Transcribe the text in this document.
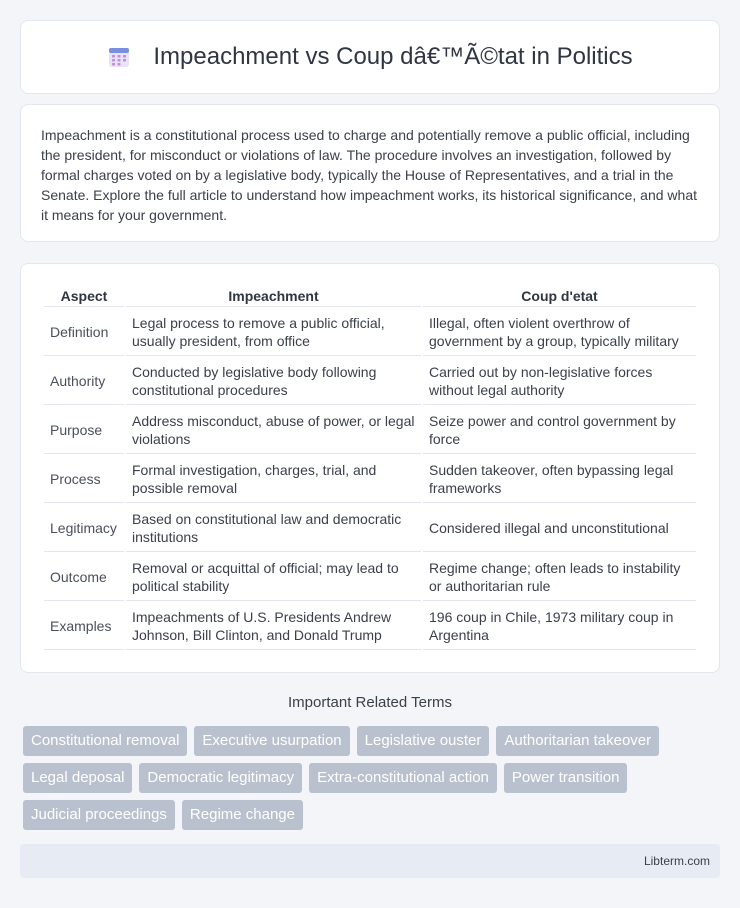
Impeachment vs Coup dâ€™Ã©tat in Politics

Impeachment is a constitutional process used to charge and potentially remove a public official, including the president, for misconduct or violations of law. The procedure involves an investigation, followed by formal charges voted on by a legislative body, typically the House of Representatives, and a trial in the Senate. Explore the full article to understand how impeachment works, its historical significance, and what it means for your government.

Aspect	Impeachment	Coup d'etat
Definition	Legal process to remove a public official, usually president, from office	Illegal, often violent overthrow of government by a group, typically military
Authority	Conducted by legislative body following constitutional procedures	Carried out by non-legislative forces without legal authority
Purpose	Address misconduct, abuse of power, or legal violations	Seize power and control government by force
Process	Formal investigation, charges, trial, and possible removal	Sudden takeover, often bypassing legal frameworks
Legitimacy	Based on constitutional law and democratic institutions	Considered illegal and unconstitutional
Outcome	Removal or acquittal of official; may lead to political stability	Regime change; often leads to instability or authoritarian rule
Examples	Impeachments of U.S. Presidents Andrew Johnson, Bill Clinton, and Donald Trump	196 coup in Chile, 1973 military coup in Argentina
Important Related Terms
Constitutional removal	Executive usurpation	Legislative ouster	Authoritarian takeover
Legal deposal	Democratic legitimacy	Extra-constitutional action	Power transition
Judicial proceedings	Regime change
Libterm.com
